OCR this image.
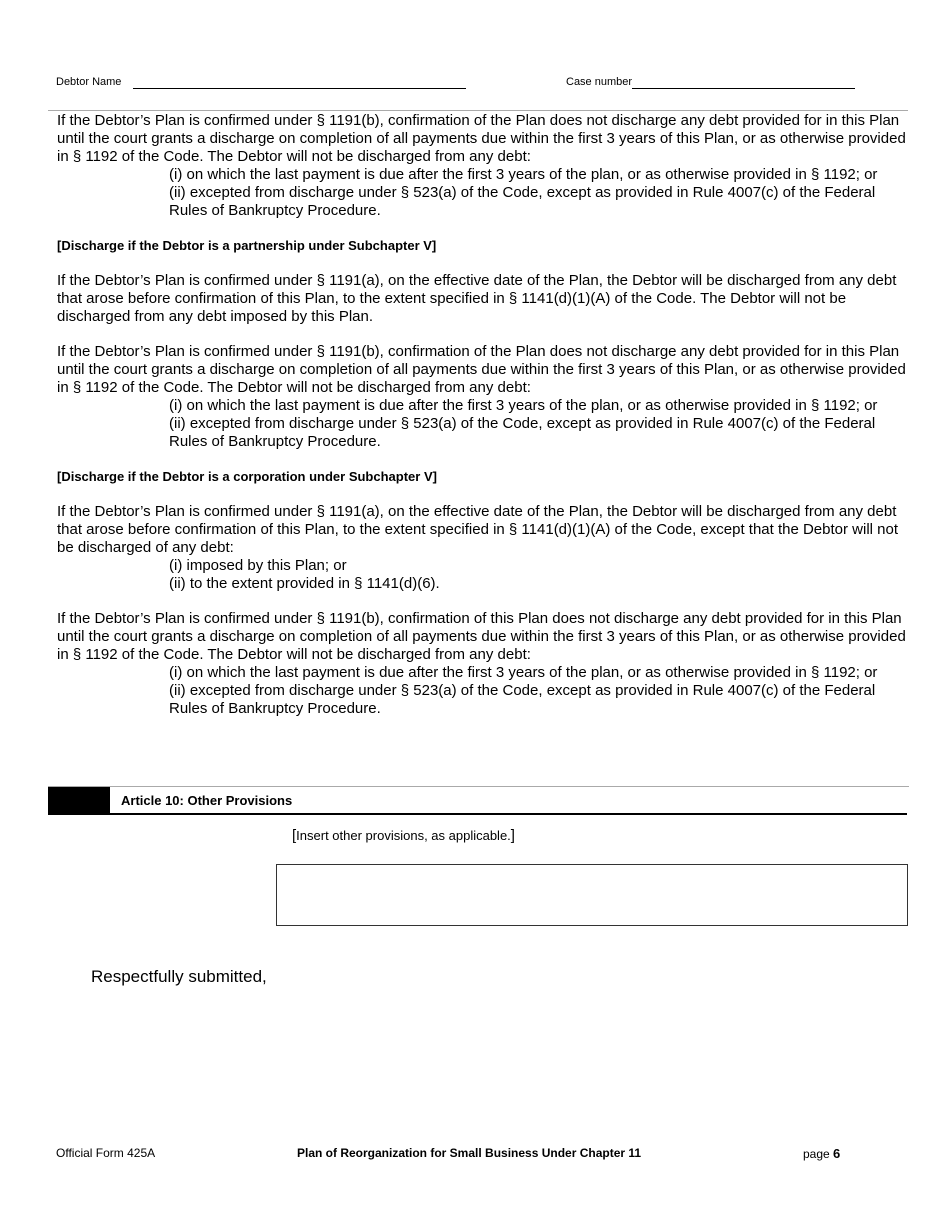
Debtor Name	Case number

If the Debtor’s Plan is confirmed under § 1191(b), confirmation of the Plan does not discharge any debt provided for in this Plan until the court grants a discharge on completion of all payments due within the first 3 years of this Plan, or as otherwise provided in § 1192 of the Code. The Debtor will not be discharged from any debt:

(i) on which the last payment is due after the first 3 years of the plan, or as otherwise provided in § 1192; or

(ii) excepted from discharge under § 523(a) of the Code, except as provided in Rule 4007(c) of the Federal Rules of Bankruptcy Procedure.

[Discharge if the Debtor is a partnership under Subchapter V]

If the Debtor’s Plan is confirmed under § 1191(a), on the effective date of the Plan, the Debtor will be discharged from any debt that arose before confirmation of this Plan, to the extent specified in § 1141(d)(1)(A) of the Code. The Debtor will not be discharged from any debt imposed by this Plan.

If the Debtor’s Plan is confirmed under § 1191(b), confirmation of the Plan does not discharge any debt provided for in this Plan until the court grants a discharge on completion of all payments due within the first 3 years of this Plan, or as otherwise provided in § 1192 of the Code. The Debtor will not be discharged from any debt:

(i) on which the last payment is due after the first 3 years of the plan, or as otherwise provided in § 1192; or

(ii) excepted from discharge under § 523(a) of the Code, except as provided in Rule 4007(c) of the Federal Rules of Bankruptcy Procedure.

[Discharge if the Debtor is a corporation under Subchapter V]

If the Debtor’s Plan is confirmed under § 1191(a), on the effective date of the Plan, the Debtor will be discharged from any debt that arose before confirmation of this Plan, to the extent specified in § 1141(d)(1)(A) of the Code, except that the Debtor will not be discharged of any debt:

(i) imposed by this Plan; or

(ii) to the extent provided in § 1141(d)(6).

If the Debtor’s Plan is confirmed under § 1191(b), confirmation of this Plan does not discharge any debt provided for in this Plan until the court grants a discharge on completion of all payments due within the first 3 years of this Plan, or as otherwise provided in § 1192 of the Code. The Debtor will not be discharged from any debt:

(i) on which the last payment is due after the first 3 years of the plan, or as otherwise provided in § 1192; or

(ii) excepted from discharge under § 523(a) of the Code, except as provided in Rule 4007(c) of the Federal Rules of Bankruptcy Procedure.

Article 10: Other Provisions
[Insert other provisions, as applicable.]
Respectfully submitted,
Official Form 425A	Plan of Reorganization for Small Business Under Chapter 11	page 6
